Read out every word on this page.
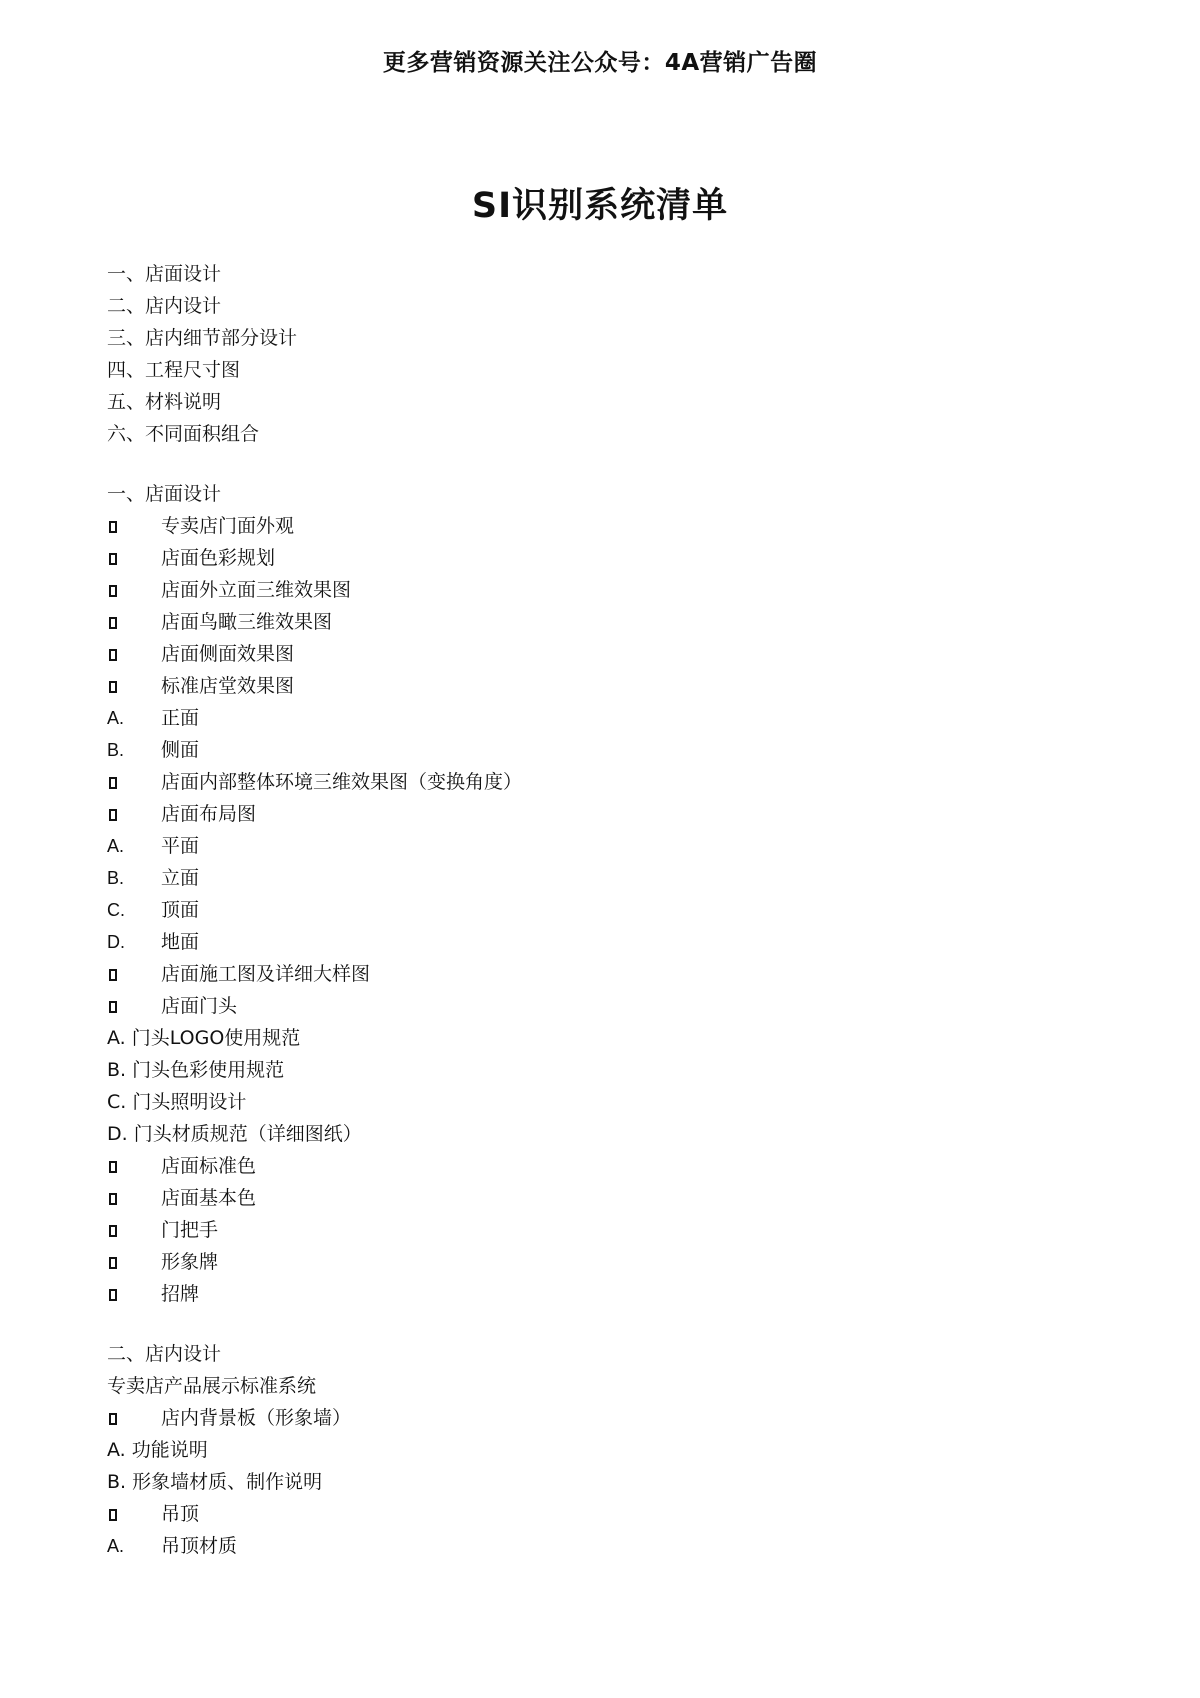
更多营销资源关注公众号：4A营销广告圈
SI识别系统清单
一、店面设计
二、店内设计
三、店内细节部分设计
四、工程尺寸图
五、材料说明
六、不同面积组合
一、店面设计
专卖店门面外观
店面色彩规划
店面外立面三维效果图
店面鸟瞰三维效果图
店面侧面效果图
标准店堂效果图
A.	正面
B.	侧面
店面内部整体环境三维效果图（变换角度）
店面布局图
A.	平面
B.	立面
C.	顶面
D.	地面
店面施工图及详细大样图
店面门头
A. 门头LOGO使用规范
B. 门头色彩使用规范
C. 门头照明设计
D. 门头材质规范（详细图纸）
店面标准色
店面基本色
门把手
形象牌
招牌
二、店内设计
专卖店产品展示标准系统
店内背景板（形象墙）
A. 功能说明
B. 形象墙材质、制作说明
吊顶
A.	吊顶材质
